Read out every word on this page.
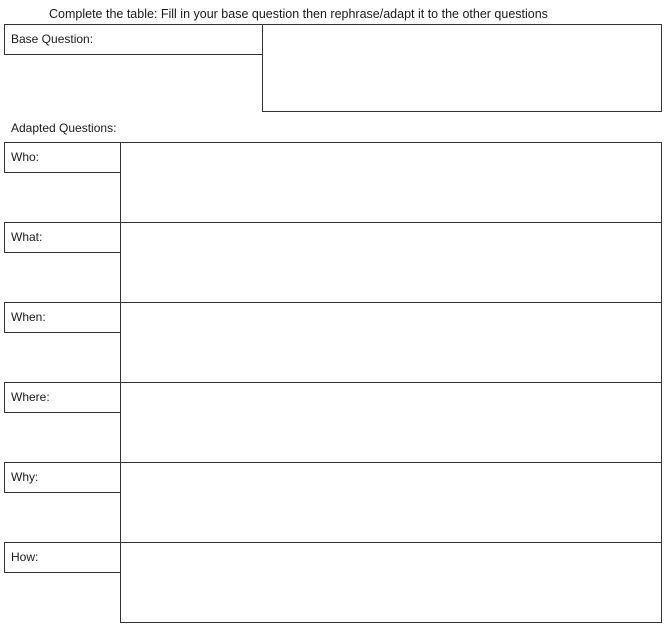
Complete the table: Fill in your base question then rephrase/adapt it to the other questions
Base Question:
Adapted Questions:
Who:
What:
When:
Where:
Why:
How:
